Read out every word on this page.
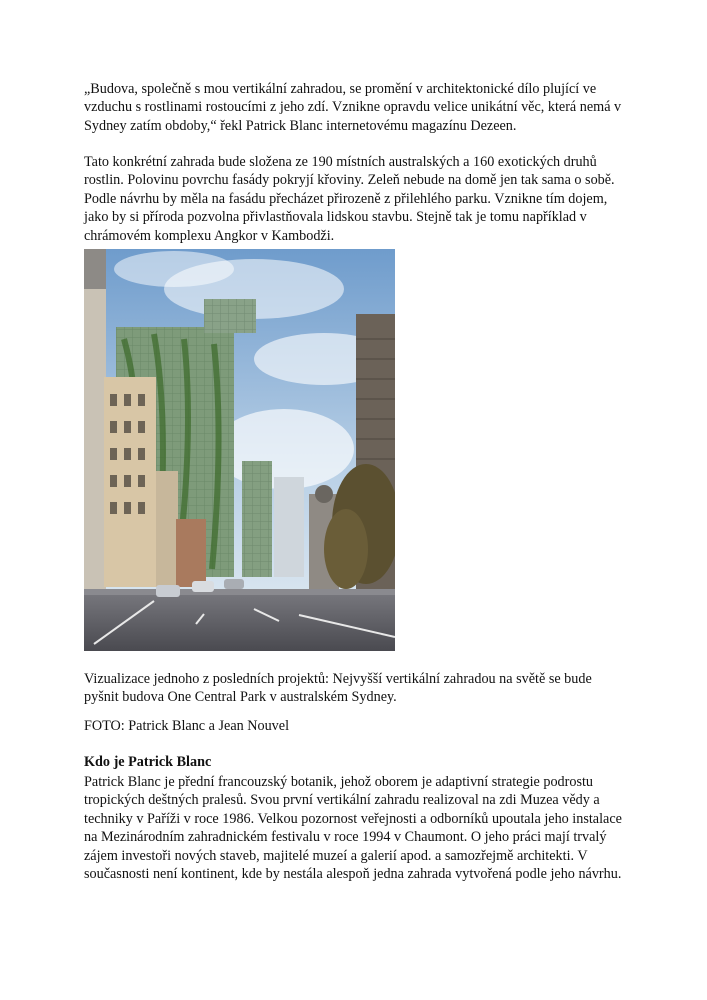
„Budova, společně s mou vertikální zahradou, se promění v architektonické dílo plující ve vzduchu s rostlinami rostoucími z jeho zdí. Vznikne opravdu velice unikátní věc, která nemá v Sydney zatím obdoby,“ řekl Patrick Blanc internetovému magazínu Dezeen.

Tato konkrétní zahrada bude složena ze 190 místních australských a 160 exotických druhů rostlin. Polovinu povrchu fasády pokryjí křoviny. Zeleň nebude na domě jen tak sama o sobě. Podle návrhu by měla na fasádu přecházet přirozeně z přilehlého parku. Vznikne tím dojem, jako by si příroda pozvolna přivlastňovala lidskou stavbu. Stejně tak je tomu například v chrámovém komplexu Angkor v Kambodži.

Vizualizace jednoho z posledních projektů: Nejvyšší vertikální zahradou na světě se bude pyšnit budova One Central Park v australském Sydney.

FOTO: Patrick Blanc a Jean Nouvel

Kdo je Patrick Blanc

Patrick Blanc je přední francouzský botanik, jehož oborem je adaptivní strategie podrostu tropických deštných pralesů. Svou první vertikální zahradu realizoval na zdi Muzea vědy a techniky v Paříži v roce 1986. Velkou pozornost veřejnosti a odborníků upoutala jeho instalace na Mezinárodním zahradnickém festivalu v roce 1994 v Chaumont. O jeho práci mají trvalý zájem investoři nových staveb, majitelé muzeí a galerií apod. a samozřejmě architekti. V současnosti není kontinent, kde by nestála alespoň jedna zahrada vytvořená podle jeho návrhu.
